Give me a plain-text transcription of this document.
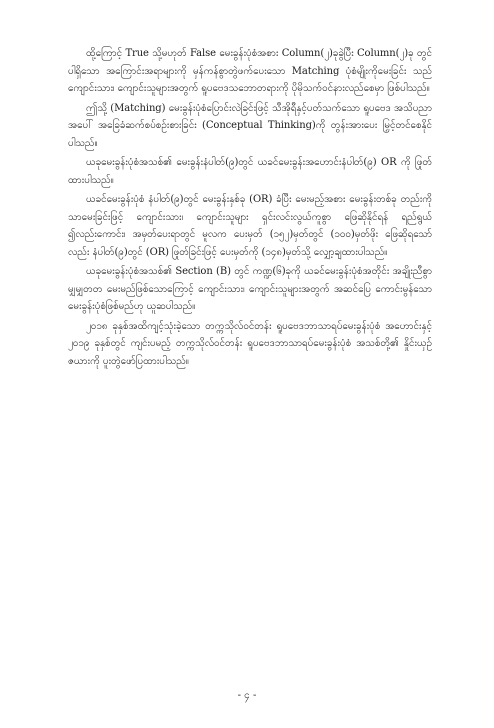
ထို့ကြောင့် True သို့မဟုတ် False မေးခွန်းပုံစံအစား Column(၂)ခုခွဲပြီး Column(၂)ခု တွင်ပါရှိသော အကြောင်းအရာများကို မှန်ကန်စွာတွဲဖက်ပေးသော Matching ပုံစံမျိုးကိုမေးခြင်း သည် ကျောင်းသား၊ ကျောင်းသူများအတွက် ရူပဗေဒသဘောတရားကို ပိုမိုသက်ဝင်နားလည်စေမှာ ဖြစ်ပါသည်။

ဤသို့ (Matching) မေးခွန်းပုံစံပြောင်းလဲခြင်းဖြင့် သီအိုရီနှင့်ပတ်သက်သော ရူပဗေဒ အသိပညာအပေါ် အခြေခံဆက်စပ်စဉ်းစားခြင်း (Conceptual Thinking)ကို တွန်းအားပေး မြှင့်တင်စေနိုင်ပါသည်။

ယခုမေးခွန်းပုံစံအသစ်၏ မေးခွန်းနံပါတ်(၉)တွင် ယခင်မေးခွန်းအဟောင်းနံပါတ်(၉) OR ကို ဖြုတ်ထားပါသည်။

ယခင်မေးခွန်းပုံစံ နံပါတ်(၉)တွင် မေးခွန်းနှစ်ခု (OR) ခံပြီး မေးမည့်အစား မေးခွန်းတစ်ခု တည်းကိုသာမေးခြင်းဖြင့် ကျောင်းသား၊ ကျောင်းသူများ ရှင်းလင်းလွယ်ကူစွာ ဖြေဆိုနိုင်ရန် ရည်ရွယ် ၍လည်းကောင်း၊ အမှတ်ပေးရာတွင် မူလက ပေးမှတ် (၁၅၂)မှတ်တွင် (၁၀၀)မှတ်ဖိုး ဖြေဆိုရသော် လည်း နံပါတ်(၉)တွင် (OR) ဖြုတ်ခြင်းဖြင့် ပေးမှတ်ကို (၁၄၈)မှတ်သို့ လျှော့ချထားပါသည်။

ယခုမေးခွန်းပုံစံအသစ်၏ Section (B) တွင် ကဏ္ဍ(၆)ခုကို ယခင်မေးခွန်းပုံစံအတိုင်း အချိုးညီစွာ မျှမျှတတ မေးမည်ဖြစ်သောကြောင့် ကျောင်းသား၊ ကျောင်းသူများအတွက် အဆင်ပြေ ကောင်းမွန်သော မေးခွန်းပုံစံဖြစ်မည်ဟု ယူဆပါသည်။

၂၀၁၈ ခုနှစ်အထိကျင့်သုံးခဲ့သော တက္ကသိုလ်ဝင်တန်း ရူပဗေဒဘာသာရပ်မေးခွန်းပုံစံ အဟောင်းနှင့် ၂၀၁၉ ခုနှစ်တွင် ကျင်းပမည့် တက္ကသိုလ်ဝင်တန်း ရူပဗေဒဘာသာရပ်မေးခွန်းပုံစံ အသစ်တို့၏ နှိုင်းယှဉ်ဇယားကို ပူးတွဲဖော်ပြထားပါသည်။

- ၄ -
